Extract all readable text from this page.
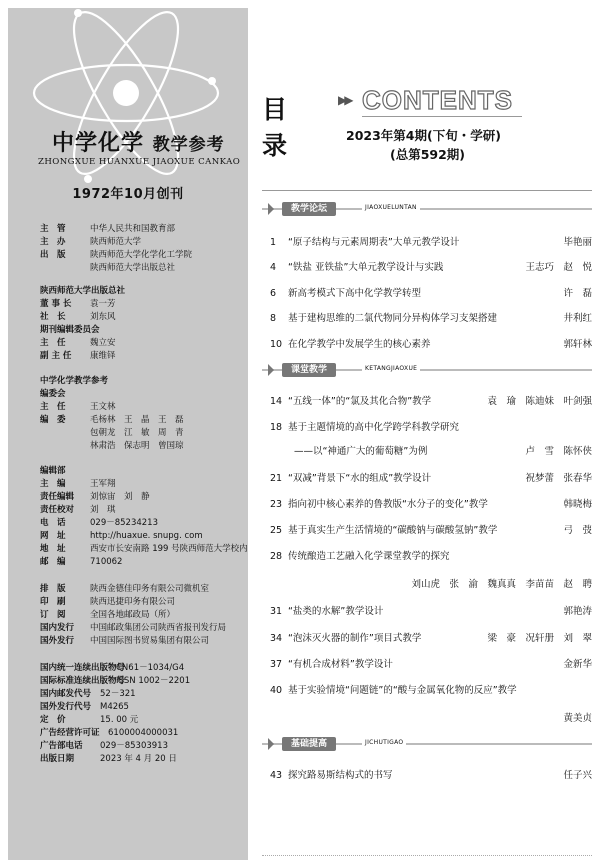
中学化学 教学参考
ZHONGXUE HUANXUE JIAOXUE CANKAO
1972年10月创刊
主　管	中华人民共和国教育部
主　办	陕西师范大学
出　版	陕西师范大学化学化工学院
陕西师范大学出版总社
陕西师范大学出版总社
董 事 长 袁一芳
社　长	刘东风
期刊编辑委员会
主　任	魏立安
副 主 任 康维铎
中学化学教学参考
编委会
主　任	王文林
编　委	毛杨林　王　晶　王　磊
包朝龙　江　敏　周　青
林肃浩　保志明　曾国琼
编辑部
主　编	王军翔
责任编辑 刘惊宙　刘　静
责任校对 刘　琪
电　话	029－85234213
网　址	http://huaxue. snupg. com
地　址	西安市长安南路 199 号陕西师范大学校内
邮　编	710062
排　版	陕西金德佳印务有限公司微机室
印　刷	陕西迅捷印务有限公司
订　阅	全国各地邮政局（所）
国内发行 中国邮政集团公司陕西省报刊发行局
国外发行 中国国际图书贸易集团有限公司
国内统一连续出版物号CN61－1034/G4
国际标准连续出版物号ISSN 1002－2201
国内邮发代号 52－321
国外发行代号 M4265
定　价	15. 00 元
广告经营许可证 6100004000031
广告部电话 029－85303913
出版日期	2023 年 4 月 20 日
目
录
▶▶ CONTENTS
2023年第4期(下旬・学研)
(总第592期)
教学论坛	JIAOXUELUNTAN
1 “原子结构与元素周期表”大单元教学设计	毕艳丽
4 “铁盐 亚铁盐”大单元教学设计与实践	王志巧　赵　悦
6 新高考模式下高中化学教学转型	许　磊
8 基于建构思维的二氯代物同分异构体学习支架搭建	井利红
10 在化学教学中发展学生的核心素养	郭轩林
课堂教学	KETANGJIAOXUE
14 “五线一体”的“氯及其化合物”教学	袁　瑜　陈迪妹　叶剑强
18 基于主题情境的高中化学跨学科教学研究
——以“神通广大的葡萄糖”为例	卢　雪　陈怀侠
21 “双减”背景下“水的组成”教学设计	祝梦蕾　张春华
23 指向初中核心素养的鲁教版“水分子的变化”教学	韩晓梅
25 基于真实生产生活情境的“碳酸钠与碳酸氢钠”教学	弓　弢
28 传统酿造工艺融入化学课堂教学的探究
刘山虎　张　渝　魏真真　李苗苗　赵　聘
31 “盐类的水解”教学设计	郭艳涛
34 “泡沫灭火器的制作”项目式教学	梁　豪　况轩册　刘　翠
37 “有机合成材料”教学设计	金新华
40 基于实验情境“问题链”的“酸与金属氧化物的反应”教学
黄美贞
基础提高	JICHUTIGAO
43 探究路易斯结构式的书写	任子兴
